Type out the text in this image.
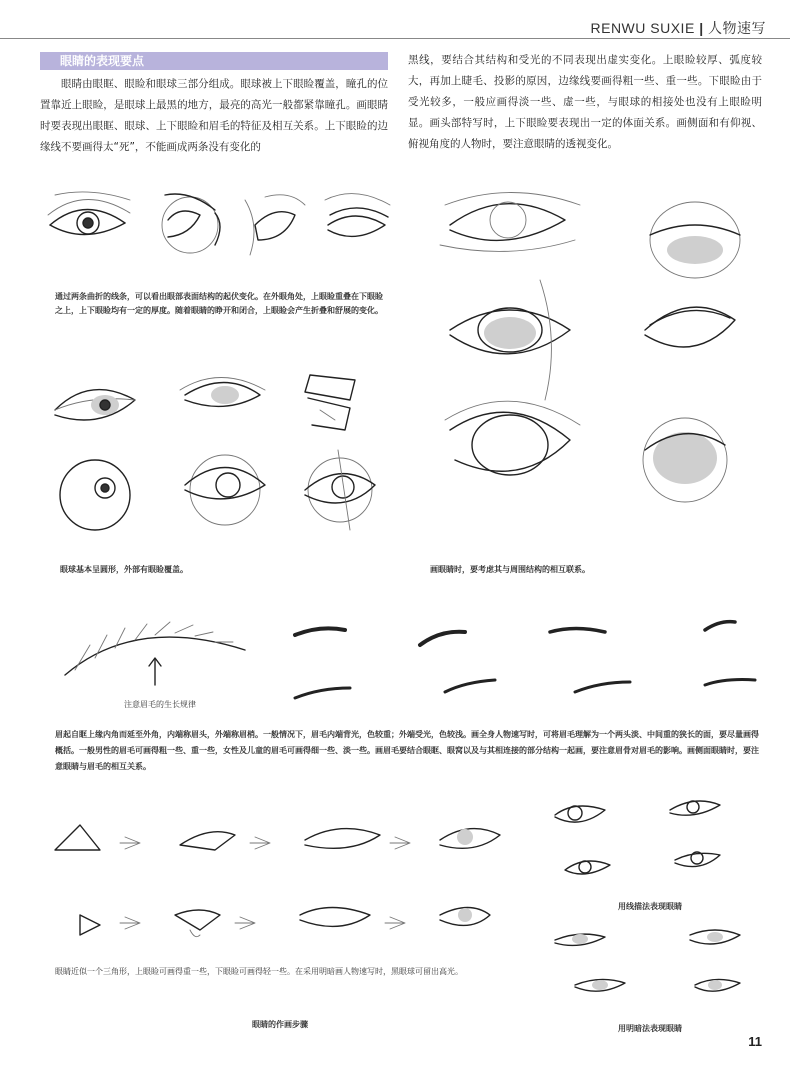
RENWU SUXIE | 人物速写
眼睛的表现要点
眼睛由眼眶、眼睑和眼球三部分组成。眼球被上下眼睑覆盖，瞳孔的位置靠近上眼睑，是眼球上最黑的地方，最亮的高光一般都紧靠瞳孔。画眼睛时要表现出眼眶、眼球、上下眼睑和眉毛的特征及相互关系。上下眼睑的边缘线不要画得太“死”，不能画成两条没有变化的
黑线，要结合其结构和受光的不同表现出虚实变化。上眼睑较厚、弧度较大，再加上睫毛、投影的原因，边缘线要画得粗一些、重一些。下眼睑由于受光较多，一般应画得淡一些、虚一些，与眼球的相接处也没有上眼睑明显。画头部特写时，上下眼睑要表现出一定的体面关系。画侧面和有仰视、俯视角度的人物时，要注意眼睛的透视变化。
通过两条曲折的线条，可以看出眼部表面结构的起伏变化。在外眼角处，上眼睑重叠在下眼睑之上，上下眼睑均有一定的厚度。随着眼睛的睁开和闭合，上眼睑会产生折叠和舒展的变化。
眼球基本呈圆形，外部有眼睑覆盖。	画眼睛时，要考虑其与周围结构的相互联系。
注意眉毛的生长规律
眉起自眶上缘内角而延至外角，内端称眉头，外端称眉梢。一般情况下，眉毛内端背光，色较重；外端受光，色较浅。画全身人物速写时，可将眉毛理解为一个两头淡、中间重的狭长的面，要尽量画得概括。一般男性的眉毛可画得粗一些、重一些，女性及儿童的眉毛可画得细一些、淡一些。画眉毛要结合眼眶、眼窝以及与其相连接的部分结构一起画，要注意眉骨对眉毛的影响。画侧面眼睛时，要注意眼睛与眉毛的相互关系。
眼睛近似一个三角形，上眼睑可画得重一些，下眼睑可画得轻一些。在采用明暗画人物速写时，黑眼球可留出高光。
眼睛的作画步骤
用线描法表现眼睛
用明暗法表现眼睛
11
